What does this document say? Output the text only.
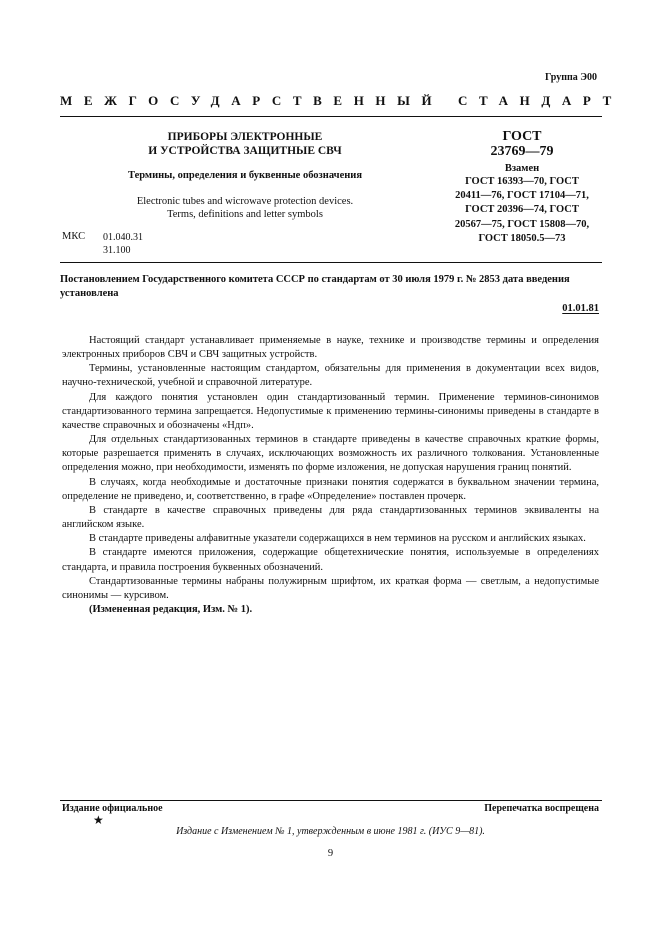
Группа Э00
МЕЖГОСУДАРСТВЕННЫЙ СТАНДАРТ
ПРИБОРЫ ЭЛЕКТРОННЫЕ
И УСТРОЙСТВА ЗАЩИТНЫЕ СВЧ
Термины, определения и буквенные обозначения
Electronic tubes and wicrowave protection devices.
Terms, definitions and letter symbols
МКС 01.040.31
31.100
ГОСТ
23769—79
Взамен
ГОСТ 16393—70, ГОСТ
20411—76, ГОСТ 17104—71,
ГОСТ 20396—74, ГОСТ
20567—75, ГОСТ 15808—70,
ГОСТ 18050.5—73
Постановлением Государственного комитета СССР по стандартам от 30 июля 1979 г. № 2853 дата введения установлена
01.01.81

Настоящий стандарт устанавливает применяемые в науке, технике и производстве термины и определения электронных приборов СВЧ и СВЧ защитных устройств.

Термины, установленные настоящим стандартом, обязательны для применения в документации всех видов, научно-технической, учебной и справочной литературе.

Для каждого понятия установлен один стандартизованный термин. Применение терминов-синонимов стандартизованного термина запрещается. Недопустимые к применению термины-синонимы приведены в стандарте в качестве справочных и обозначены «Ндп».

Для отдельных стандартизованных терминов в стандарте приведены в качестве справочных краткие формы, которые разрешается применять в случаях, исключающих возможность их различного толкования. Установленные определения можно, при необходимости, изменять по форме изложения, не допуская нарушения границ понятий.

В случаях, когда необходимые и достаточные признаки понятия содержатся в буквальном значении термина, определение не приведено, и, соответственно, в графе «Определение» поставлен прочерк.

В стандарте в качестве справочных приведены для ряда стандартизованных терминов эквиваленты на английском языке.

В стандарте приведены алфавитные указатели содержащихся в нем терминов на русском и английских языках.

В стандарте имеются приложения, содержащие общетехнические понятия, используемые в определениях стандарта, и правила построения буквенных обозначений.

Стандартизованные термины набраны полужирным шрифтом, их краткая форма — светлым, а недопустимые синонимы — курсивом.

(Измененная редакция, Изм. № 1).

Издание официальное	Перепечатка воспрещена
★
Издание с Изменением № 1, утвержденным в июне 1981 г. (ИУС 9—81).
9
